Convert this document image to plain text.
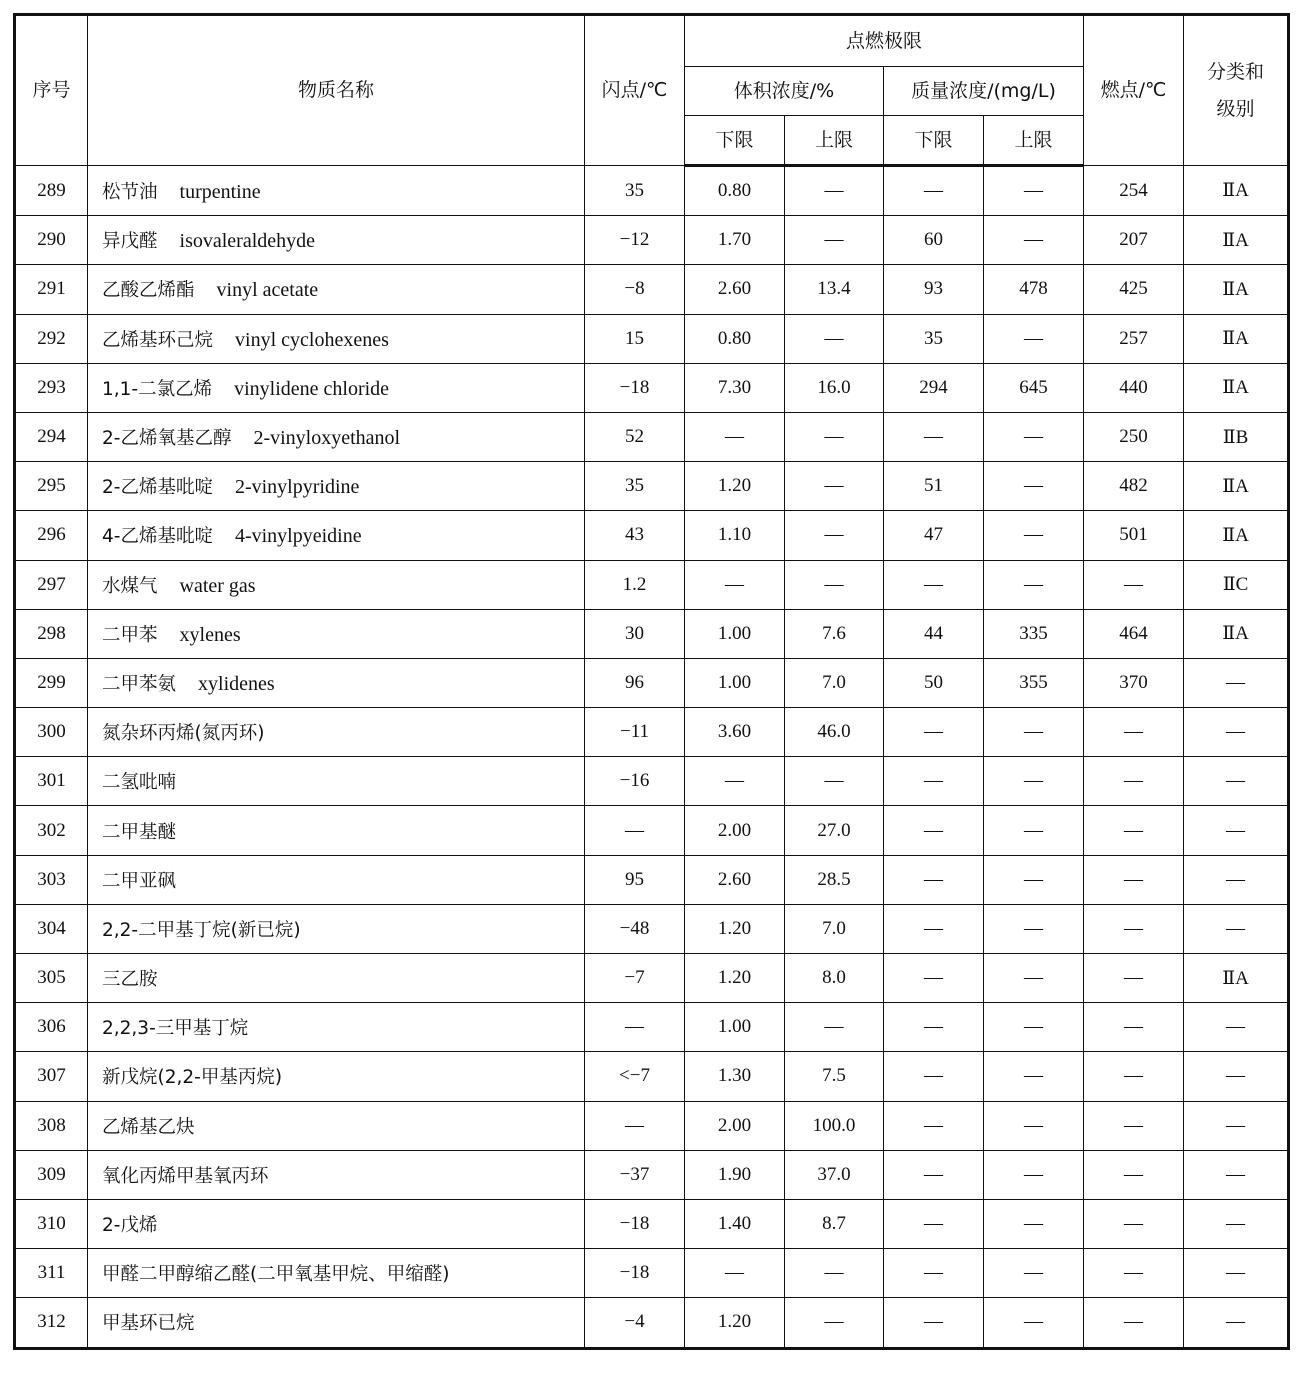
序号	物质名称	闪点/℃	点燃极限				燃点/℃	分类和级别
			体积浓度/%		质量浓度/(mg/L)			
			下限	上限	下限	上限		
289	松节油 turpentine	35	0.80	—	—	—	254	ⅡA
290	异戊醛 isovaleraldehyde	−12	1.70	—	60	—	207	ⅡA
291	乙酸乙烯酯 vinyl acetate	−8	2.60	13.4	93	478	425	ⅡA
292	乙烯基环己烷 vinyl cyclohexenes	15	0.80	—	35	—	257	ⅡA
293	1,1-二氯乙烯 vinylidene chloride	−18	7.30	16.0	294	645	440	ⅡA
294	2-乙烯氧基乙醇 2-vinyloxyethanol	52	—	—	—	—	250	ⅡB
295	2-乙烯基吡啶 2-vinylpyridine	35	1.20	—	51	—	482	ⅡA
296	4-乙烯基吡啶 4-vinylpyeidine	43	1.10	—	47	—	501	ⅡA
297	水煤气 water gas	1.2	—	—	—	—	—	ⅡC
298	二甲苯 xylenes	30	1.00	7.6	44	335	464	ⅡA
299	二甲苯氨 xylidenes	96	1.00	7.0	50	355	370	—
300	氮杂环丙烯(氮丙环)	−11	3.60	46.0	—	—	—	—
301	二氢吡喃	−16	—	—	—	—	—	—
302	二甲基醚	—	2.00	27.0	—	—	—	—
303	二甲亚砜	95	2.60	28.5	—	—	—	—
304	2,2-二甲基丁烷(新已烷)	−48	1.20	7.0	—	—	—	—
305	三乙胺	−7	1.20	8.0	—	—	—	ⅡA
306	2,2,3-三甲基丁烷	—	1.00	—	—	—	—	—
307	新戊烷(2,2-甲基丙烷)	<−7	1.30	7.5	—	—	—	—
308	乙烯基乙炔	—	2.00	100.0	—	—	—	—
309	氧化丙烯甲基氧丙环	−37	1.90	37.0	—	—	—	—
310	2-戊烯	−18	1.40	8.7	—	—	—	—
311	甲醛二甲醇缩乙醛(二甲氧基甲烷、甲缩醛)	−18	—	—	—	—	—	—
312	甲基环已烷	−4	1.20	—	—	—	—	—
